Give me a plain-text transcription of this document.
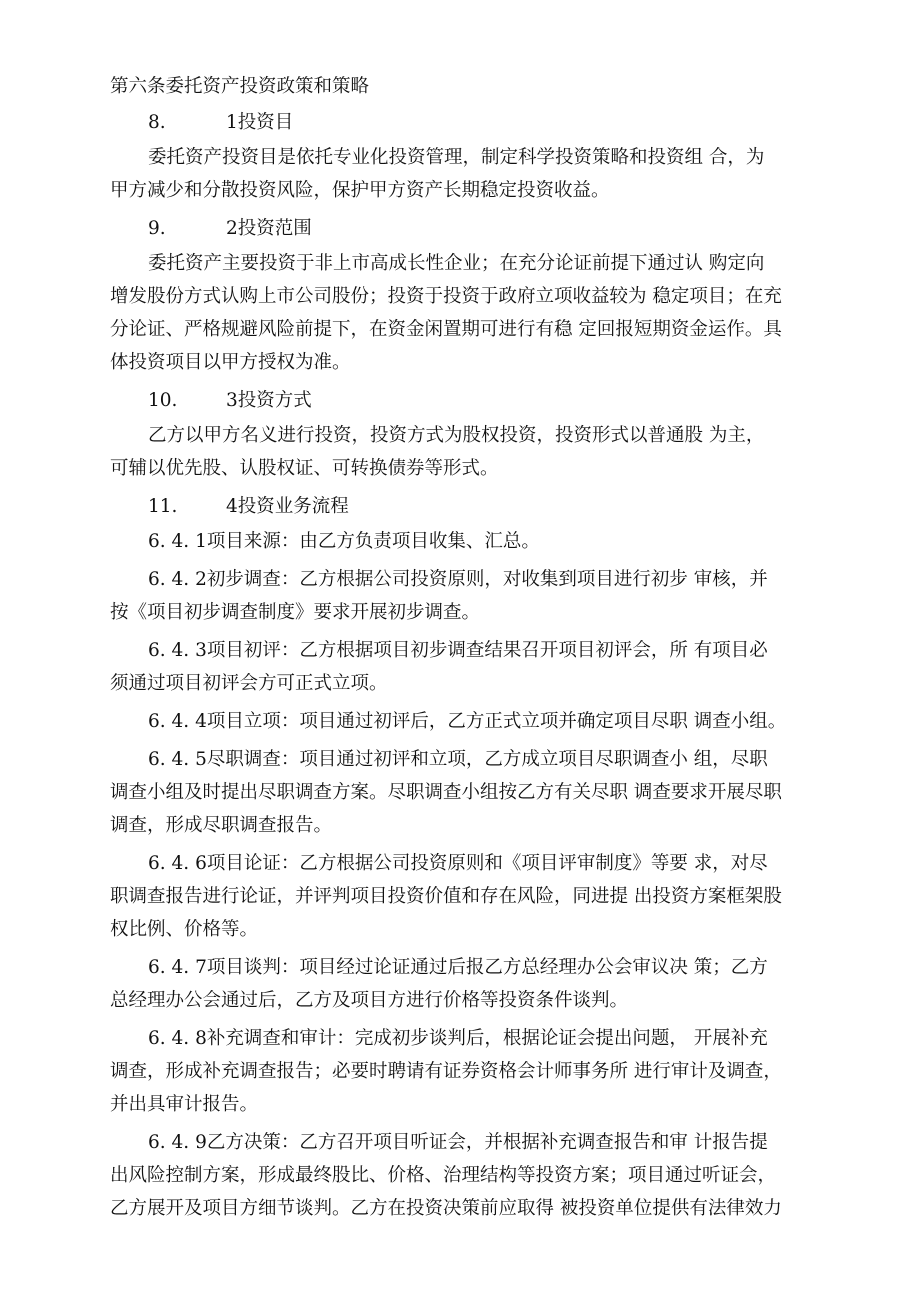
第六条委托资产投资政策和策略

8.	1投资目

委托资产投资目是依托专业化投资管理，制定科学投资策略和投资组 合，为

甲方减少和分散投资风险，保护甲方资产长期稳定投资收益。

9.	2投资范围

委托资产主要投资于非上市高成长性企业；在充分论证前提下通过认 购定向

增发股份方式认购上市公司股份；投资于投资于政府立项收益较为 稳定项目；在充

分论证、严格规避风险前提下，在资金闲置期可进行有稳 定回报短期资金运作。具

体投资项目以甲方授权为准。

10.	3投资方式

乙方以甲方名义进行投资，投资方式为股权投资，投资形式以普通股 为主，

可辅以优先股、认股权证、可转换债券等形式。

11.	4投资业务流程

6. 4. 1项目来源：由乙方负责项目收集、汇总。

6. 4. 2初步调查：乙方根据公司投资原则，对收集到项目进行初步 审核，并

按《项目初步调查制度》要求开展初步调查。

6. 4. 3项目初评：乙方根据项目初步调查结果召开项目初评会，所 有项目必

须通过项目初评会方可正式立项。

6. 4. 4项目立项：项目通过初评后，乙方正式立项并确定项目尽职 调查小组。

6. 4. 5尽职调查：项目通过初评和立项，乙方成立项目尽职调查小 组，尽职

调查小组及时提出尽职调查方案。尽职调查小组按乙方有关尽职 调查要求开展尽职

调查，形成尽职调查报告。

6. 4. 6项目论证：乙方根据公司投资原则和《项目评审制度》等要 求，对尽

职调查报告进行论证，并评判项目投资价值和存在风险，同进提 出投资方案框架股

权比例、价格等。

6. 4. 7项目谈判：项目经过论证通过后报乙方总经理办公会审议决 策；乙方

总经理办公会通过后，乙方及项目方进行价格等投资条件谈判。

6. 4. 8补充调查和审计：完成初步谈判后，根据论证会提出问题， 开展补充

调查，形成补充调查报告；必要时聘请有证券资格会计师事务所 进行审计及调查，

并出具审计报告。

6. 4. 9乙方决策：乙方召开项目听证会，并根据补充调查报告和审 计报告提

出风险控制方案，形成最终股比、价格、治理结构等投资方案；项目通过听证会，

乙方展开及项目方细节谈判。乙方在投资决策前应取得 被投资单位提供有法律效力
